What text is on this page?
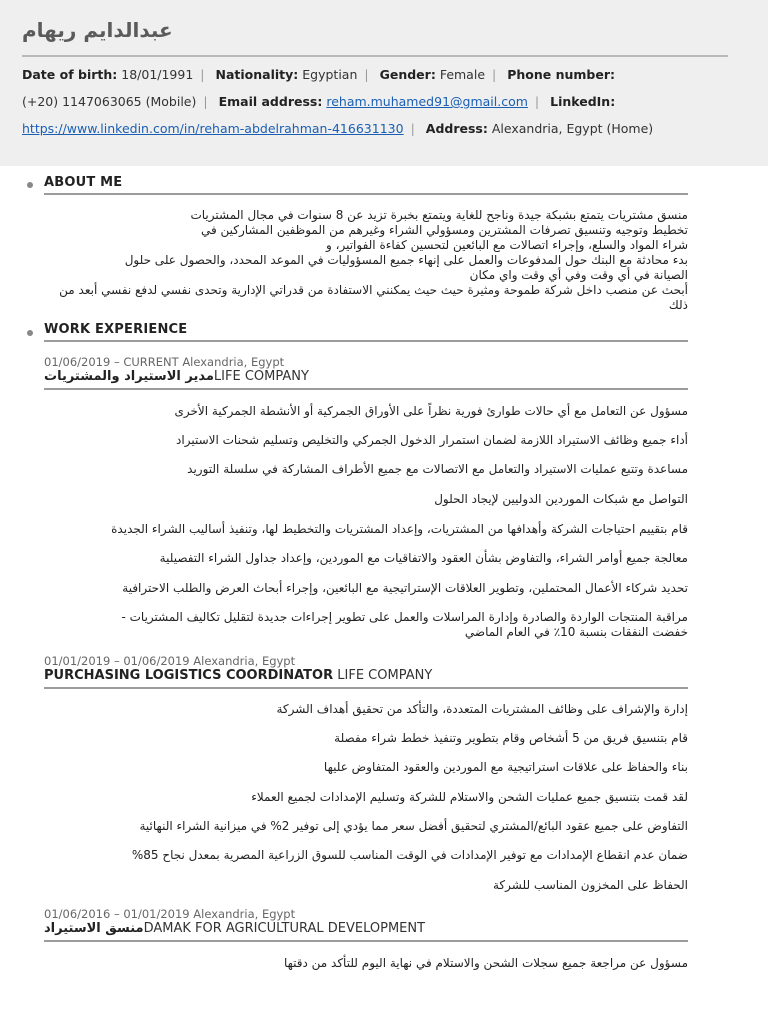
عبدالدايم ريهام
Date of birth: 18/01/1991 | Nationality: Egyptian | Gender: Female | Phone number:
(+20) 1147063065 (Mobile) | Email address: reham.muhamed91@gmail.com | LinkedIn:
https://www.linkedin.com/in/reham-abdelrahman-416631130 | Address: Alexandria, Egypt (Home)
ABOUT ME
منسق مشتريات يتمتع بشبكة جيدة وناجح للغاية ويتمتع بخبرة تزيد عن 8 سنوات في مجال المشتريات
تخطيط وتوجيه وتنسيق تصرفات المشترين ومسؤولي الشراء وغيرهم من الموظفين المشاركين في
شراء المواد والسلع، وإجراء اتصالات مع البائعين لتحسين كفاءة الفواتير، و
بدء محادثة مع البنك حول المدفوعات والعمل على إنهاء جميع المسؤوليات في الموعد المحدد، والحصول على حلول
الصيانة في أي وقت وفي أي وقت واي مكان
أبحث عن منصب داخل شركة طموحة ومثيرة حيث حيث يمكنني الاستفادة من قدراتي الإدارية وتحدى نفسي لدفع نفسي أبعد من
ذلك
WORK EXPERIENCE
01/06/2019 – CURRENT Alexandria, Egypt
مدير الاستيراد والمشترياتLIFE COMPANY
مسؤول عن التعامل مع أي حالات طوارئ فورية نظراً على الأوراق الجمركية أو الأنشطة الجمركية الأخرى
أداء جميع وظائف الاستيراد اللازمة لضمان استمرار الدخول الجمركي والتخليص وتسليم شحنات الاستيراد
مساعدة وتتبع عمليات الاستيراد والتعامل مع الاتصالات مع جميع الأطراف المشاركة في سلسلة التوريد
التواصل مع شبكات الموردين الدوليين لإيجاد الحلول
قام بتقييم احتياجات الشركة وأهدافها من المشتريات، وإعداد المشتريات والتخطيط لها، وتنفيذ أساليب الشراء الجديدة
معالجة جميع أوامر الشراء، والتفاوض بشأن العقود والاتفاقيات مع الموردين، وإعداد جداول الشراء التفصيلية
تحديد شركاء الأعمال المحتملين، وتطوير العلاقات الإستراتيجية مع البائعين، وإجراء أبحاث العرض والطلب الاحترافية
مراقبة المنتجات الواردة والصادرة وإدارة المراسلات والعمل على تطوير إجراءات جديدة لتقليل تكاليف المشتريات -
خفضت النفقات بنسبة 10٪ في العام الماضي
01/01/2019 – 01/06/2019 Alexandria, Egypt
PURCHASING LOGISTICS COORDINATOR LIFE COMPANY
إدارة والإشراف على وظائف المشتريات المتعددة، والتأكد من تحقيق أهداف الشركة
قام بتنسيق فريق من 5 أشخاص وقام بتطوير وتنفيذ خطط شراء مفصلة
بناء والحفاظ على علاقات استراتيجية مع الموردين والعقود المتفاوض عليها
لقد قمت بتنسيق جميع عمليات الشحن والاستلام للشركة وتسليم الإمدادات لجميع العملاء
التفاوض على جميع عقود البائع/المشتري لتحقيق أفضل سعر مما يؤدي إلى توفير 2% في ميزانية الشراء النهائية
ضمان عدم انقطاع الإمدادات مع توفير الإمدادات في الوقت المناسب للسوق الزراعية المصرية بمعدل نجاح 85%
الحفاظ على المخزون المناسب للشركة
01/06/2016 – 01/01/2019 Alexandria, Egypt
منسق الاستيرادDAMAK FOR AGRICULTURAL DEVELOPMENT
مسؤول عن مراجعة جميع سجلات الشحن والاستلام في نهاية اليوم للتأكد من دقتها
